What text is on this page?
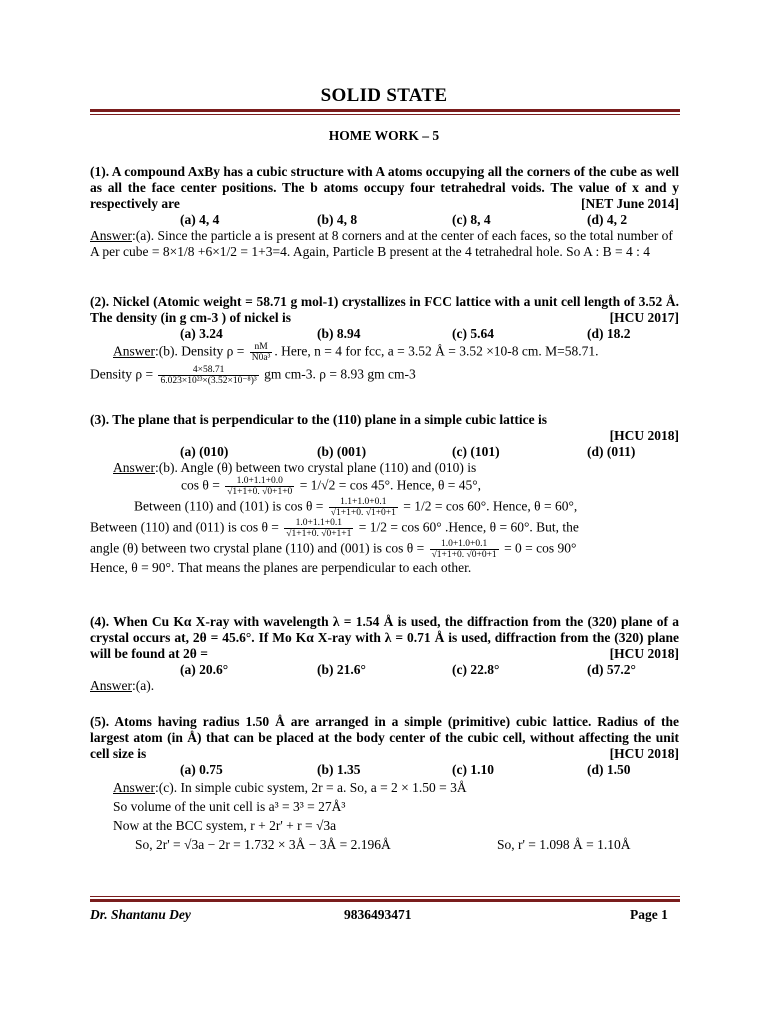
SOLID STATE
HOME WORK – 5

(1). A compound AxBy has a cubic structure with A atoms occupying all the corners of the cube as well as all the face center positions. The b atoms occupy four tetrahedral voids. The value of x and y respectively are	[NET June 2014]

(a) 4, 4	(b) 4, 8	(c) 8, 4	(d) 4, 2

Answer:(a). Since the particle a is present at 8 corners and at the center of each faces, so the total number of A per cube = 8×1/8 +6×1/2 = 1+3=4. Again, Particle B present at the 4 tetrahedral hole. So A : B = 4 : 4

(2). Nickel (Atomic weight = 58.71 g mol-1) crystallizes in FCC lattice with a unit cell length of 3.52 Å. The density (in g cm-3 ) of nickel is	[HCU 2017]

(a) 3.24	(b) 8.94	(c) 5.64	(d) 18.2
Answer:(b). Density $\rho = \frac{nM}{\text{N0a³}}$ . Here, n = 4 for fcc, a = 3.52 Å = 3.52 ×10-8 cm. M=58.71.
Density $\rho = \frac{4\times 58.71}{\text{6.023×10²³×(3.52×10⁻⁸)³}}$ gm cm-3. ρ = 8.93 gm cm-3

(3). The plane that is perpendicular to the (110) plane in a simple cubic lattice is

[HCU 2018]

(a) (010)	(b) (001)	(c) (101)	(d) (011)
Answer:(b). Angle (θ) between two crystal plane (110) and (010) is
$\cos \theta = \frac{1.0+1.1+0.0}{√1+1+0. √0+1+0} = 1/√2 = \cos 45^\circ$. Hence, θ = 45°,
Between (110) and (101) is $\cos \theta = \frac{1.1+1.0+0.1}{√1+1+0. √1+0+1} = 1/2 = \cos 60^\circ$. Hence, θ = 60°,
Between (110) and (011) is $\cos \theta = \frac{1.0+1.1+0.1}{√1+1+0. √0+1+1} = 1/2 = \cos 60^\circ$ .Hence, θ = 60°. But, the
angle (θ) between two crystal plane (110) and (001) is $\cos \theta = \frac{1.0+1.0+0.1}{√1+1+0. √0+0+1} = 0 = \cos 90^\circ$
Hence, θ = 90°. That means the planes are perpendicular to each other.

(4). When Cu Kα X-ray with wavelength λ = 1.54 Å is used, the diffraction from the (320) plane of a crystal occurs at, 2θ = 45.6°. If Mo Kα X-ray with λ = 0.71 Å is used, diffraction from the (320) plane will be found at 2θ =	[HCU 2018]

(a) 20.6°	(b) 21.6°	(c) 22.8°	(d) 57.2°

Answer:(a).

(5). Atoms having radius 1.50 Å are arranged in a simple (primitive) cubic lattice. Radius of the largest atom (in Å) that can be placed at the body center of the cubic cell, without affecting the unit cell size is	[HCU 2018]

(a) 0.75	(b) 1.35	(c) 1.10	(d) 1.50
Answer:(c). In simple cubic system, 2r = a. So, a = 2 × 1.50 = 3Å
So volume of the unit cell is a³ = 3³ = 27Å³
Now at the BCC system, r + 2r' + r = √3a
So, 2r' = √3a − 2r = 1.732 × 3Å − 3Å = 2.196Å	So, r' = 1.098 Å = 1.10Å
Dr. Shantanu Dey	9836493471	Page 1
